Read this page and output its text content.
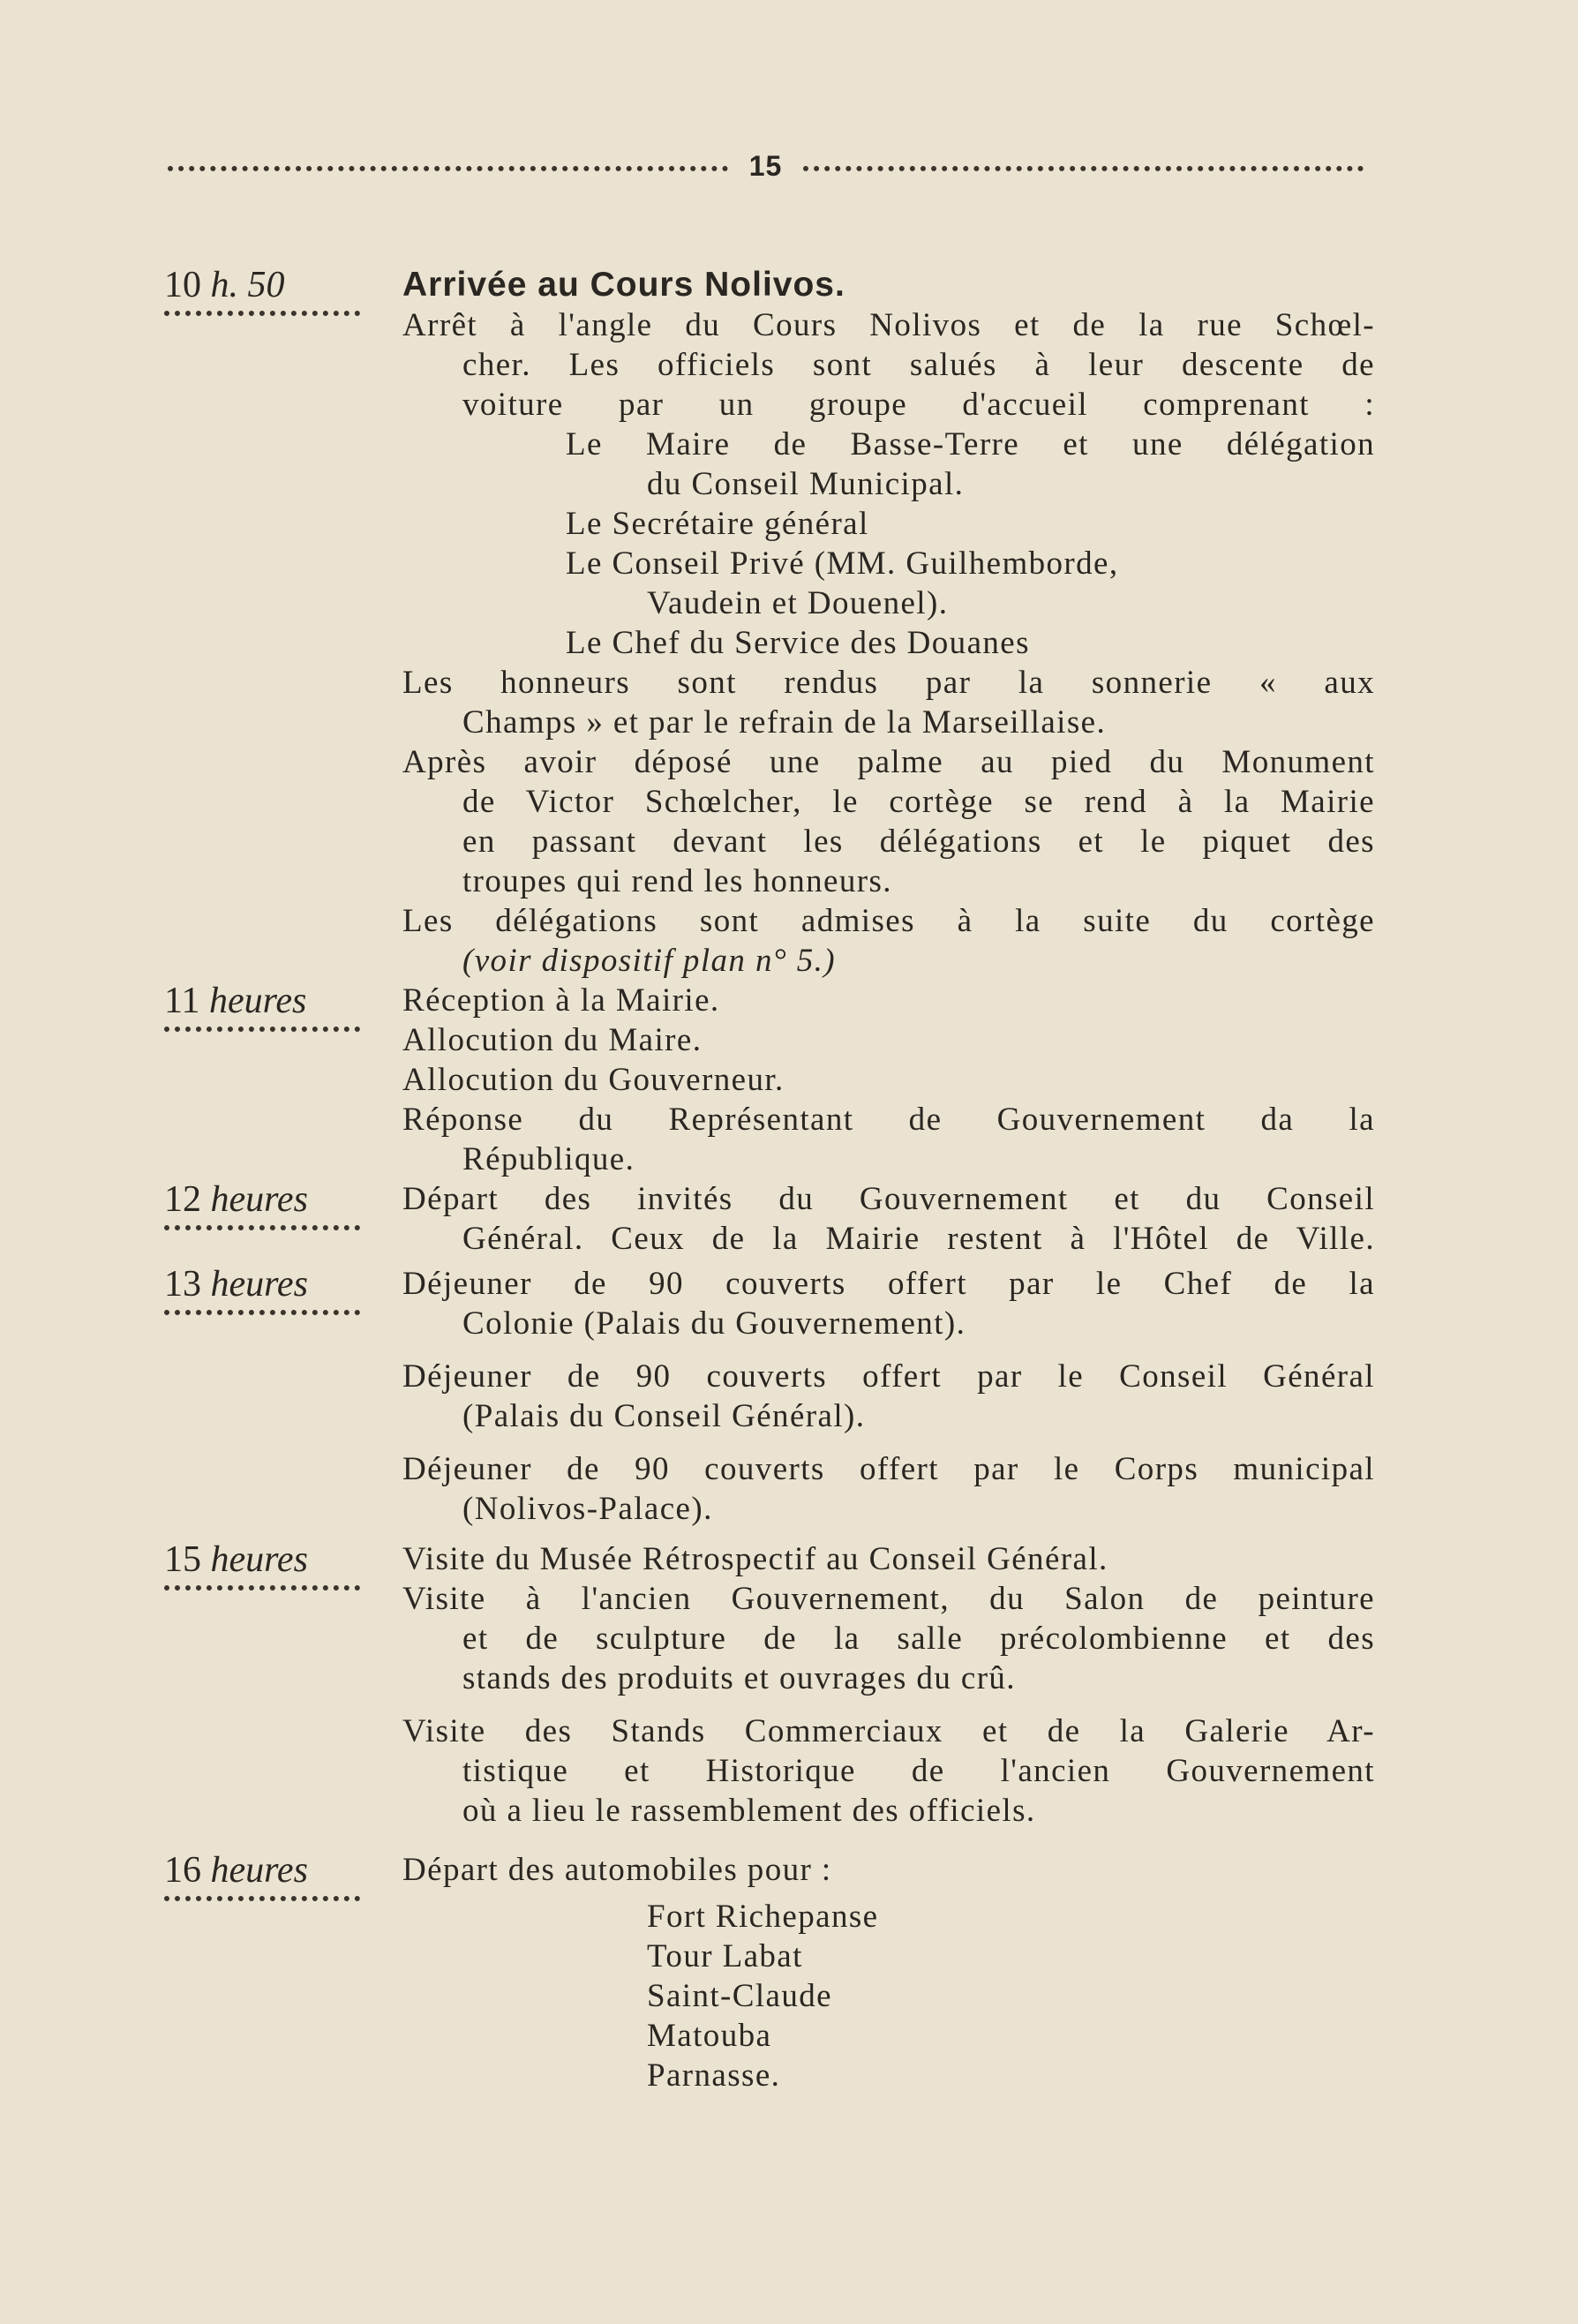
15
10 h. 50	Arrivée au Cours Nolivos.
Arrêt à l'angle du Cours Nolivos et de la rue Schœl-
cher. Les officiels sont salués à leur descente de
voiture par un groupe d'accueil comprenant :
Le Maire de Basse-Terre et une délégation
du Conseil Municipal.
Le Secrétaire général
Le Conseil Privé (MM. Guilhemborde,
Vaudein et Douenel).
Le Chef du Service des Douanes
Les honneurs sont rendus par la sonnerie « aux
Champs » et par le refrain de la Marseillaise.
Après avoir déposé une palme au pied du Monument
de Victor Schœlcher, le cortège se rend à la Mairie
en passant devant les délégations et le piquet des
troupes qui rend les honneurs.
Les délégations sont admises à la suite du cortège
(voir dispositif plan n° 5.)
11 heures	Réception à la Mairie.
Allocution du Maire.
Allocution du Gouverneur.
Réponse du Représentant de Gouvernement da la
République.
12 heures	Départ des invités du Gouvernement et du Conseil
Général. Ceux de la Mairie restent à l'Hôtel de Ville.
13 heures	Déjeuner de 90 couverts offert par le Chef de la
Colonie (Palais du Gouvernement).
Déjeuner de 90 couverts offert par le Conseil Général
(Palais du Conseil Général).
Déjeuner de 90 couverts offert par le Corps municipal
(Nolivos-Palace).
15 heures	Visite du Musée Rétrospectif au Conseil Général.
Visite à l'ancien Gouvernement, du Salon de peinture
et de sculpture de la salle précolombienne et des
stands des produits et ouvrages du crû.
Visite des Stands Commerciaux et de la Galerie Ar-
tistique et Historique de l'ancien Gouvernement
où a lieu le rassemblement des officiels.
16 heures	Départ des automobiles pour :
Fort Richepanse
Tour Labat
Saint-Claude
Matouba
Parnasse.
